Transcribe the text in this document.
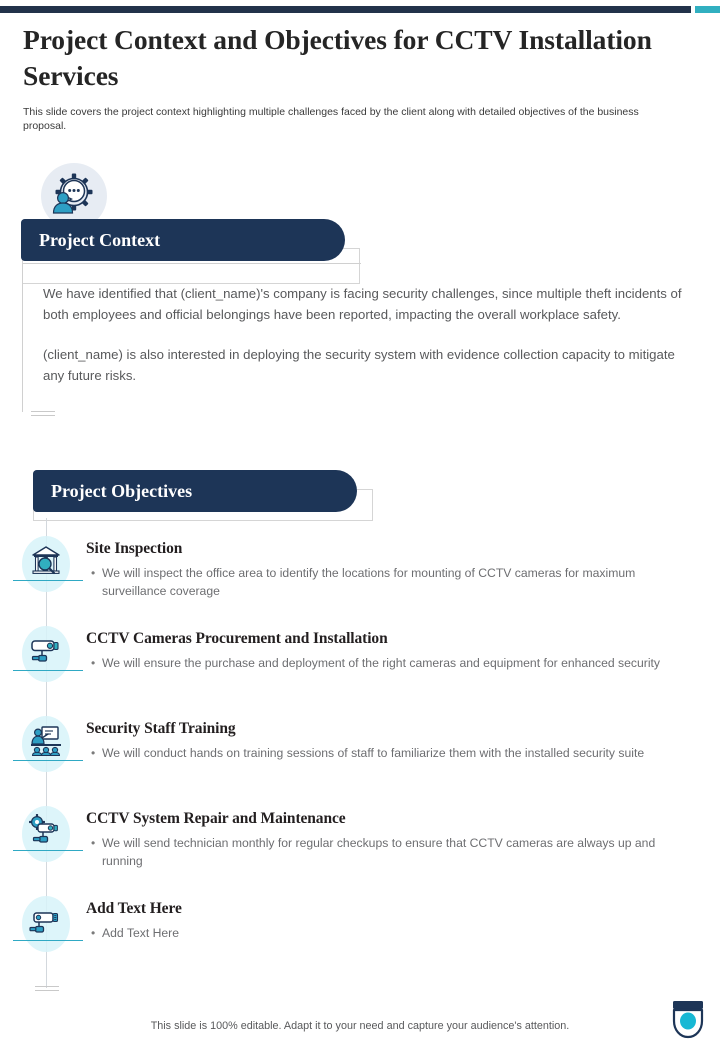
Project Context and Objectives for CCTV Installation Services
This slide covers the project context highlighting multiple challenges faced by the client along with detailed objectives of the business proposal.
Project Context

We have identified that (client_name)'s company is facing security challenges, since multiple theft incidents of both employees and official belongings have been reported, impacting the overall workplace safety.

(client_name) is also interested in deploying the security system with evidence collection capacity to mitigate any future risks.

Project Objectives
Site Inspection
• We will inspect the office area to identify the locations for mounting of CCTV cameras for maximum surveillance coverage
CCTV Cameras Procurement and Installation
• We will ensure the purchase and deployment of the right cameras and equipment for enhanced security
Security Staff Training
• We will conduct hands on training sessions of staff to familiarize them with the installed security suite
CCTV System Repair and Maintenance
• We will send technician monthly for regular checkups to ensure that CCTV cameras are always up and running
Add Text Here
• Add Text Here
This slide is 100% editable. Adapt it to your need and capture your audience's attention.
